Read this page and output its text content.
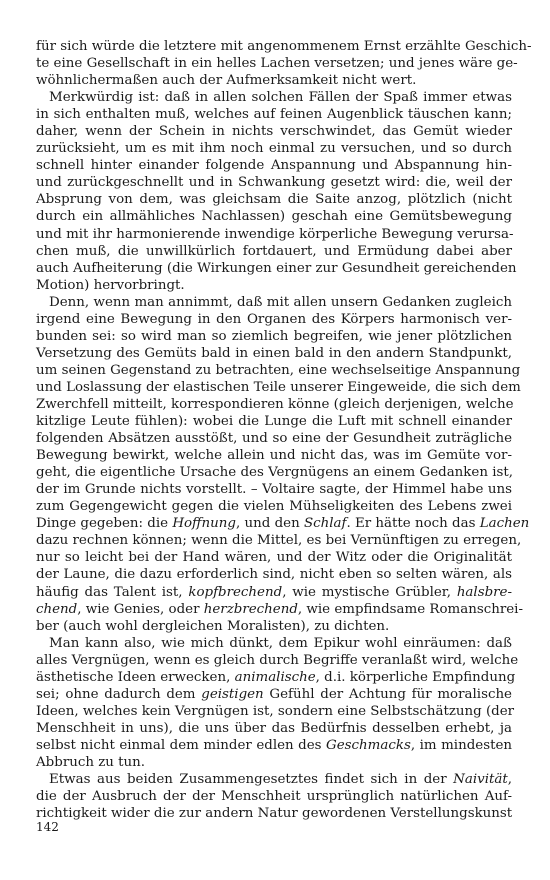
für sich würde die letztere mit angenommenem Ernst erzählte Geschich-
te eine Gesellschaft in ein helles Lachen versetzen; und jenes wäre ge-
wöhnlichermaßen auch der Aufmerksamkeit nicht wert.
Merkwürdig ist: daß in allen solchen Fällen der Spaß immer etwas
in sich enthalten muß, welches auf feinen Augenblick täuschen kann;
daher, wenn der Schein in nichts verschwindet, das Gemüt wieder
zurücksieht, um es mit ihm noch einmal zu versuchen, und so durch
schnell hinter einander folgende Anspannung und Abspannung hin-
und zurückgeschnellt und in Schwankung gesetzt wird: die, weil der
Absprung von dem, was gleichsam die Saite anzog, plötzlich (nicht
durch ein allmähliches Nachlassen) geschah eine Gemütsbewegung
und mit ihr harmonierende inwendige körperliche Bewegung verursa-
chen muß, die unwillkürlich fortdauert, und Ermüdung dabei aber
auch Aufheiterung (die Wirkungen einer zur Gesundheit gereichenden
Motion) hervorbringt.
Denn, wenn man annimmt, daß mit allen unsern Gedanken zugleich
irgend eine Bewegung in den Organen des Körpers harmonisch ver-
bunden sei: so wird man so ziemlich begreifen, wie jener plötzlichen
Versetzung des Gemüts bald in einen bald in den andern Standpunkt,
um seinen Gegenstand zu betrachten, eine wechselseitige Anspannung
und Loslassung der elastischen Teile unserer Eingeweide, die sich dem
Zwerchfell mitteilt, korrespondieren könne (gleich derjenigen, welche
kitzlige Leute fühlen): wobei die Lunge die Luft mit schnell einander
folgenden Absätzen ausstößt, und so eine der Gesundheit zuträgliche
Bewegung bewirkt, welche allein und nicht das, was im Gemüte vor-
geht, die eigentliche Ursache des Vergnügens an einem Gedanken ist,
der im Grunde nichts vorstellt. – Voltaire sagte, der Himmel habe uns
zum Gegengewicht gegen die vielen Mühseligkeiten des Lebens zwei
Dinge gegeben: die Hoffnung, und den Schlaf. Er hätte noch das Lachen
dazu rechnen können; wenn die Mittel, es bei Vernünftigen zu erregen,
nur so leicht bei der Hand wären, und der Witz oder die Originalität
der Laune, die dazu erforderlich sind, nicht eben so selten wären, als
häufig das Talent ist, kopfbrechend, wie mystische Grübler, halsbre-
chend, wie Genies, oder herzbrechend, wie empfindsame Romanschrei-
ber (auch wohl dergleichen Moralisten), zu dichten.
Man kann also, wie mich dünkt, dem Epikur wohl einräumen: daß
alles Vergnügen, wenn es gleich durch Begriffe veranlaßt wird, welche
ästhetische Ideen erwecken, animalische, d.i. körperliche Empfindung
sei; ohne dadurch dem geistigen Gefühl der Achtung für moralische
Ideen, welches kein Vergnügen ist, sondern eine Selbstschätzung (der
Menschheit in uns), die uns über das Bedürfnis desselben erhebt, ja
selbst nicht einmal dem minder edlen des Geschmacks, im mindesten
Abbruch zu tun.
Etwas aus beiden Zusammengesetztes findet sich in der Naivität,
die der Ausbruch der der Menschheit ursprünglich natürlichen Auf-
richtigkeit wider die zur andern Natur gewordenen Verstellungskunst
142
